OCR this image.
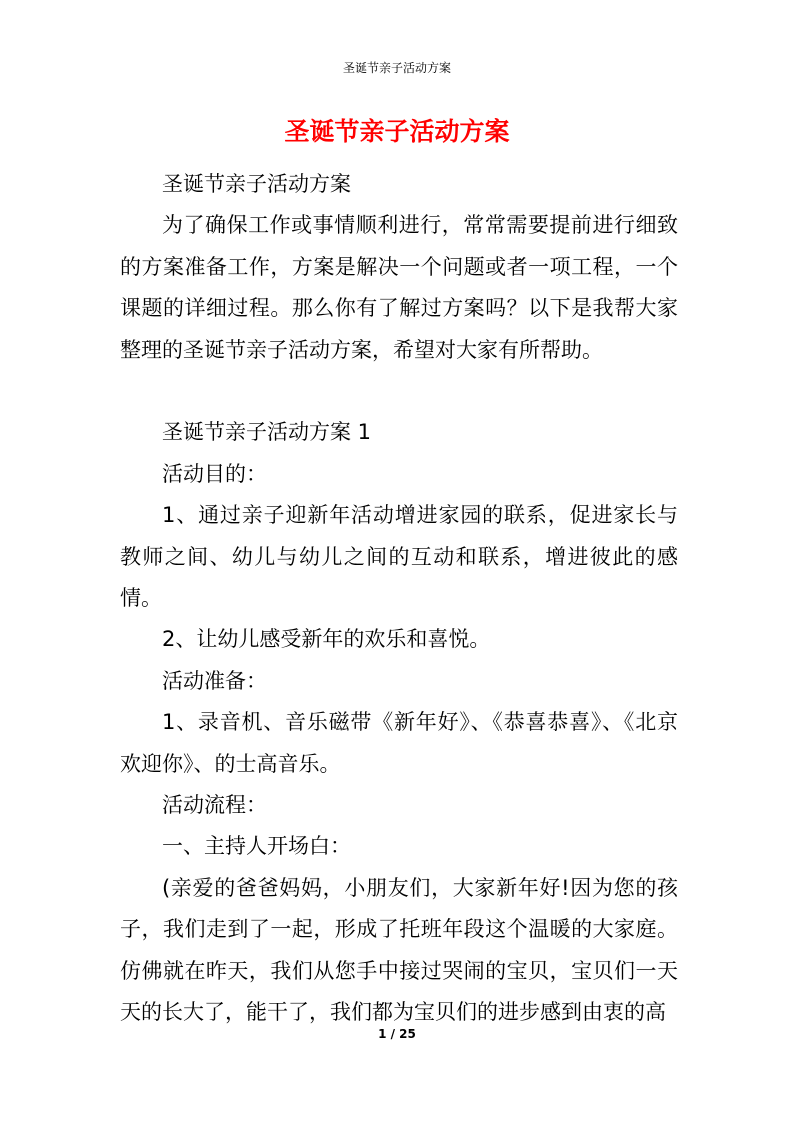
圣诞节亲子活动方案
圣诞节亲子活动方案

圣诞节亲子活动方案

为了确保工作或事情顺利进行，常常需要提前进行细致的方案准备工作，方案是解决一个问题或者一项工程，一个课题的详细过程。那么你有了解过方案吗？以下是我帮大家整理的圣诞节亲子活动方案，希望对大家有所帮助。

圣诞节亲子活动方案 1

活动目的：

1、通过亲子迎新年活动增进家园的联系，促进家长与教师之间、幼儿与幼儿之间的互动和联系，增进彼此的感情。

2、让幼儿感受新年的欢乐和喜悦。

活动准备：

1、录音机、音乐磁带《新年好》、《恭喜恭喜》、《北京欢迎你》、的士高音乐。

活动流程：

一、主持人开场白：

(亲爱的爸爸妈妈，小朋友们，大家新年好!因为您的孩子，我们走到了一起，形成了托班年段这个温暖的大家庭。仿佛就在昨天，我们从您手中接过哭闹的宝贝，宝贝们一天天的长大了，能干了，我们都为宝贝们的进步感到由衷的高

1 / 25
